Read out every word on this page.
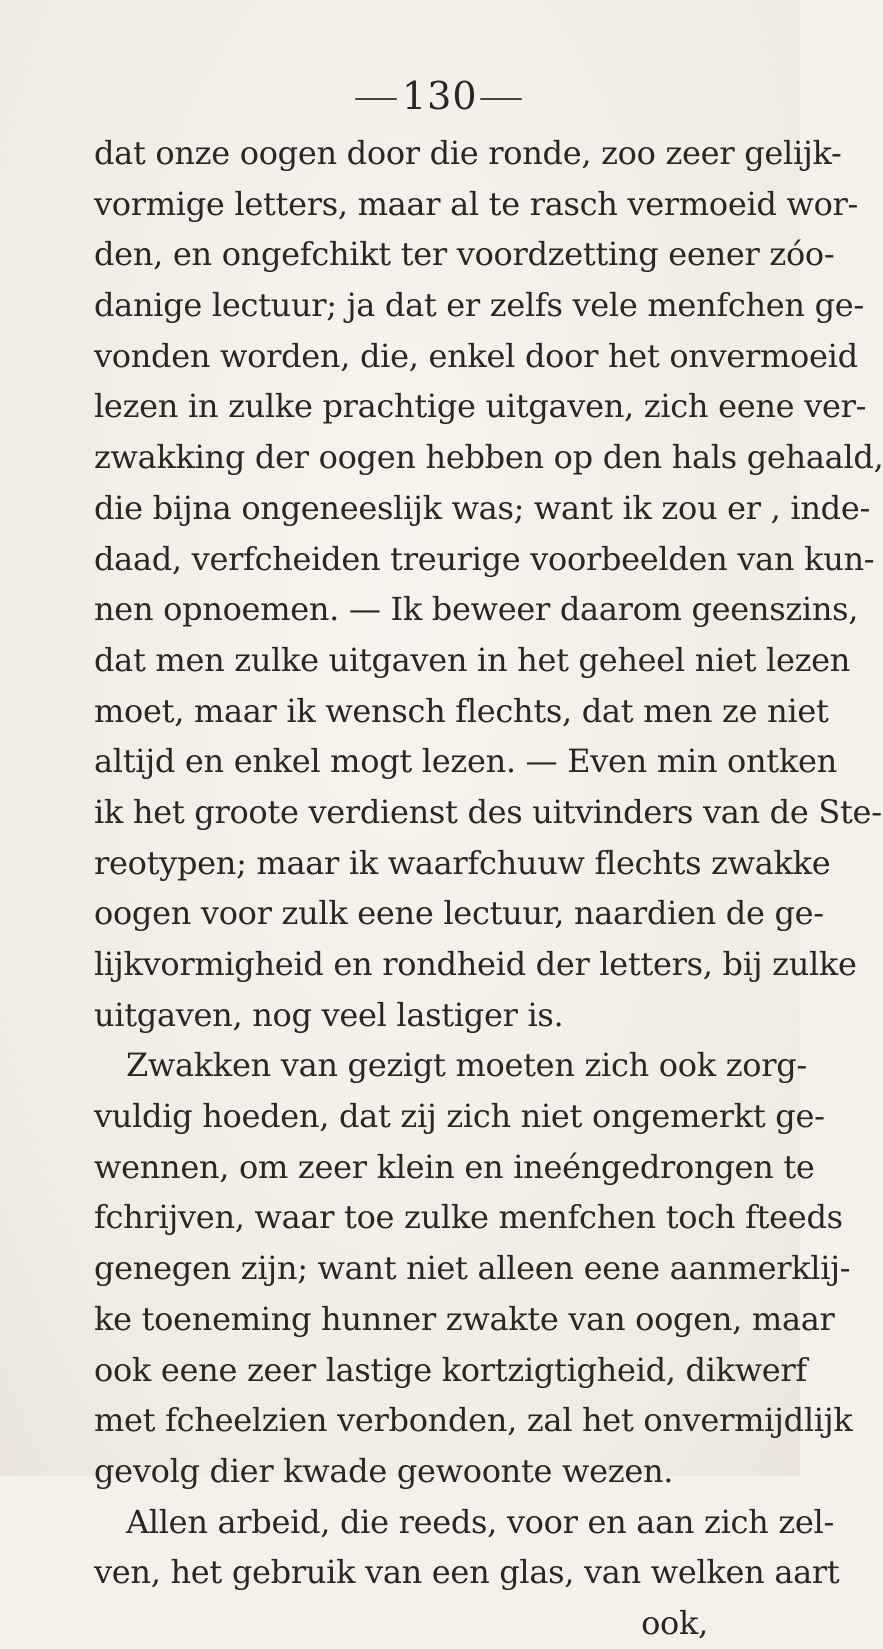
130
dat onze oogen door die ronde, zoo zeer gelijk-
vormige letters, maar al te rasch vermoeid wor-
den, en ongefchikt ter voordzetting eener zóo-
danige lectuur; ja dat er zelfs vele menfchen ge-
vonden worden, die, enkel door het onvermoeid
lezen in zulke prachtige uitgaven, zich eene ver-
zwakking der oogen hebben op den hals gehaald,
die bijna ongeneeslijk was; want ik zou er , inde-
daad, verfcheiden treurige voorbeelden van kun-
nen opnoemen. — Ik beweer daarom geenszins,
dat men zulke uitgaven in het geheel niet lezen
moet, maar ik wensch flechts, dat men ze niet
altijd en enkel mogt lezen. — Even min ontken
ik het groote verdienst des uitvinders van de Ste-
reotypen; maar ik waarfchuuw flechts zwakke
oogen voor zulk eene lectuur, naardien de ge-
lijkvormigheid en rondheid der letters, bij zulke
uitgaven, nog veel lastiger is.
Zwakken van gezigt moeten zich ook zorg-
vuldig hoeden, dat zij zich niet ongemerkt ge-
wennen, om zeer klein en ineéngedrongen te
fchrijven, waar toe zulke menfchen toch fteeds
genegen zijn; want niet alleen eene aanmerklij-
ke toeneming hunner zwakte van oogen, maar
ook eene zeer lastige kortzigtigheid, dikwerf
met fcheelzien verbonden, zal het onvermijdlijk
gevolg dier kwade gewoonte wezen.
Allen arbeid, die reeds, voor en aan zich zel-
ven, het gebruik van een glas, van welken aart
ook,
